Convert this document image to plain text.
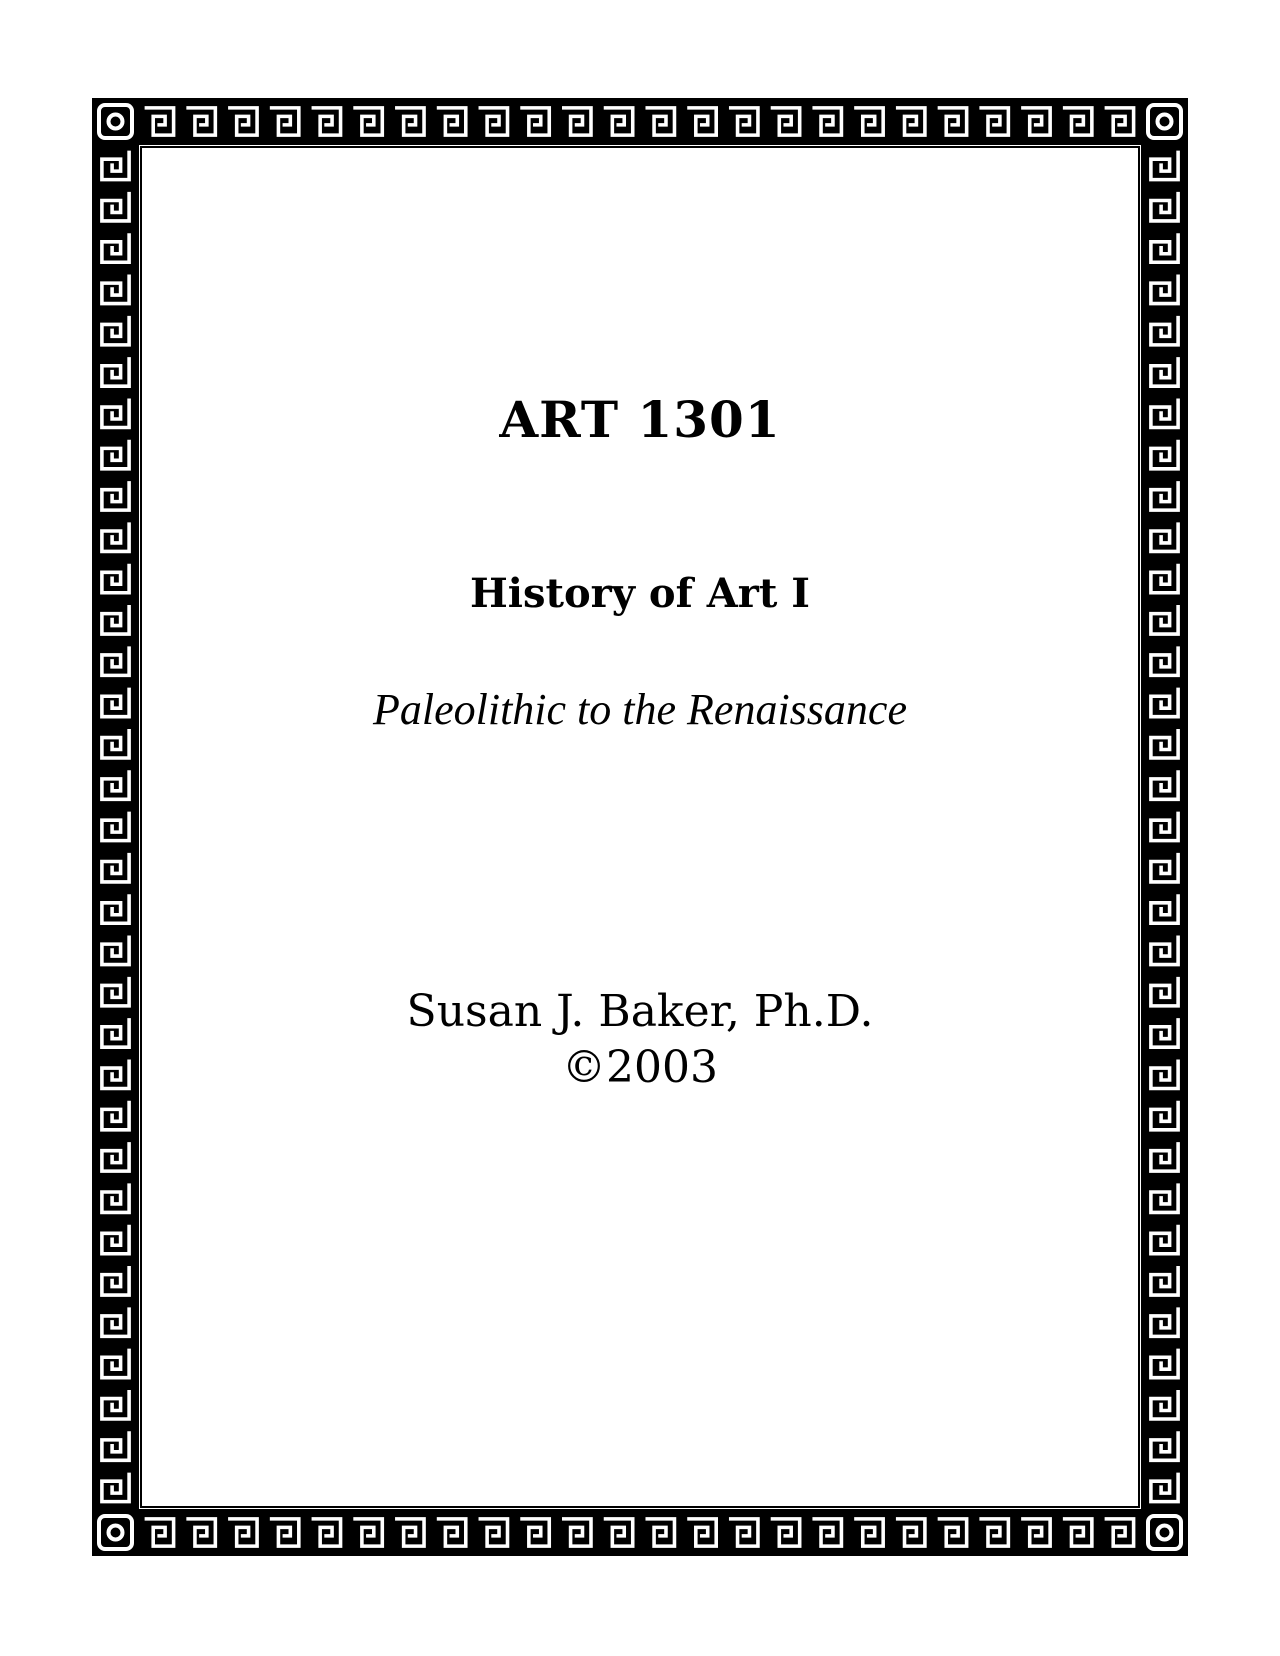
ART 1301
History of Art I
Paleolithic to the Renaissance
Susan J. Baker, Ph.D.
©2003
